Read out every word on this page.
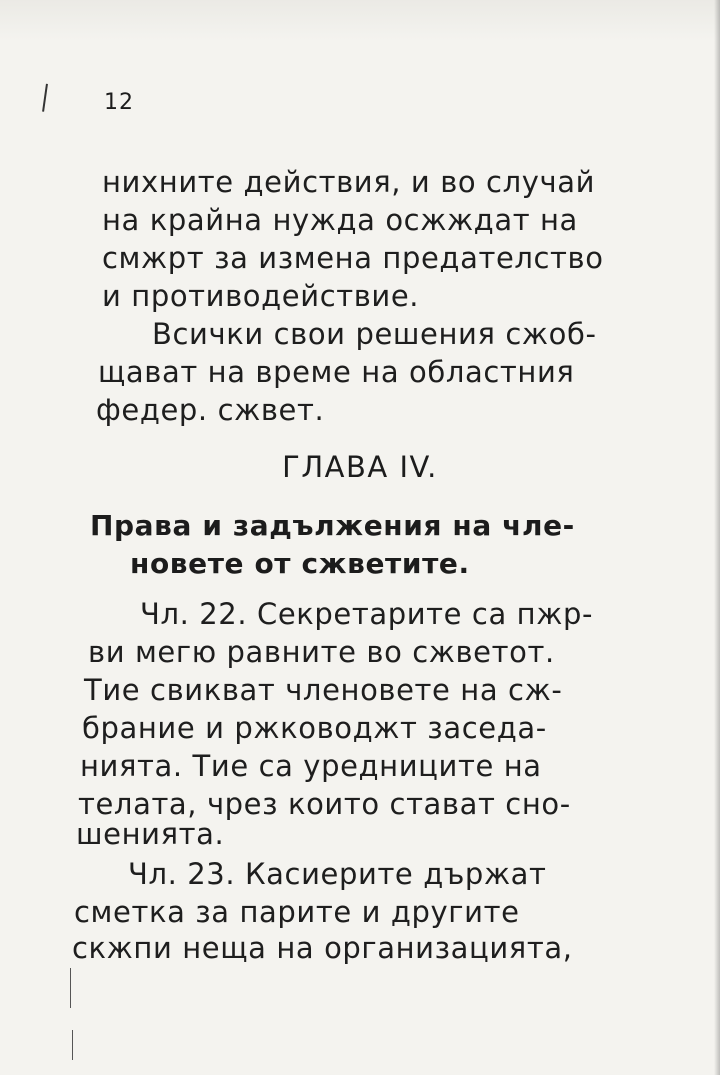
12
нихните действия, и во случай
на крайна нужда осжждат на
смжрт за измена предателство
и противодействие.
Всички свои решения сжоб-
щават на време на областния
федер. сжвет.
ГЛАВА IV.
Права и задължения на чле-
новете от сжветите.
Чл. 22. Секретарите са пжр-
ви мегю равните во сжветот.
Тие свикват членовете на сж-
брание и ржководжт заседа-
нията. Тие са уредниците на
телата, чрез които стават сно-
шенията.
Чл. 23. Касиерите държат
сметка за парите и другите
скжпи неща на организацията,
